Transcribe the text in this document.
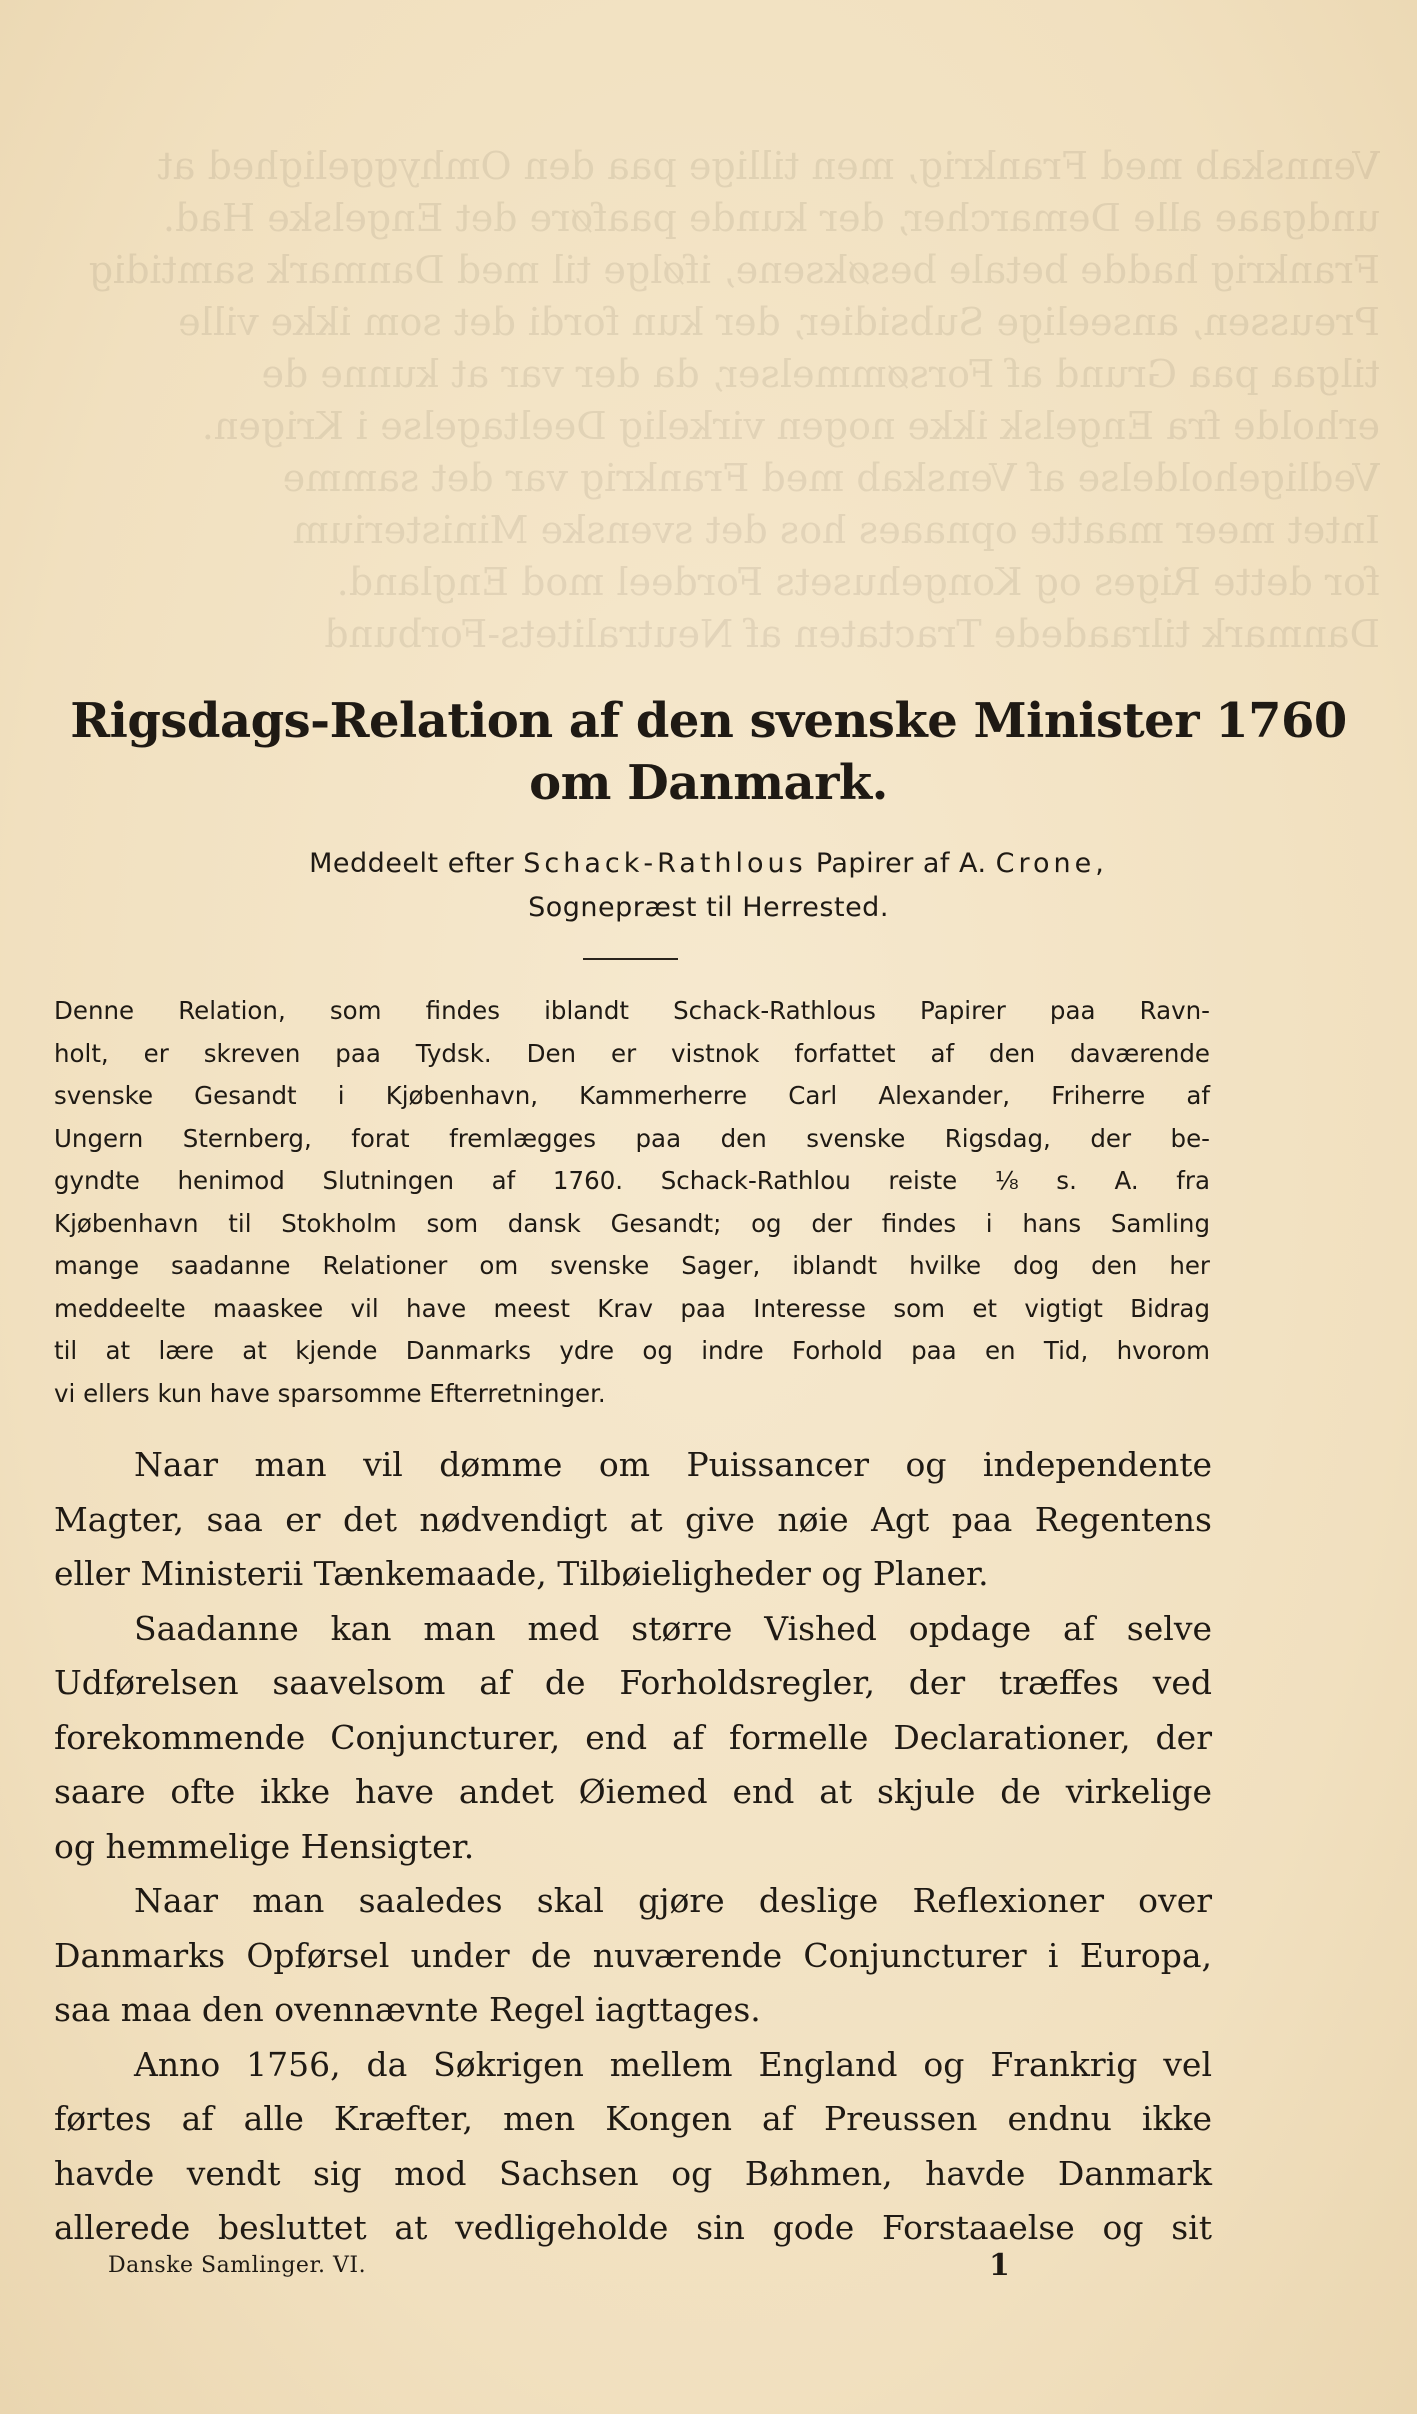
Vennskab med Frankrig, men tillige paa den Omhyggelighed at
undgaae alle Demarcher, der kunde paaføre det Engelske Had.
Frankrig hadde betale besøksene, ifølge til med Danmark samtidig
Preussen, anseelige Subsidier, der kun fordi det som ikke ville
tilgaa paa Grund af Forsømmelser, da der var at kunne de
erholde fra Engelsk ikke nogen virkelig Deeltagelse i Krigen.
Vedligeholdelse af Venskab med Frankrig var det samme
Intet meer maatte opnaaes hos det svenske Ministerium
for dette Riges og Kongehusets Fordeel mod England.
Danmark tilraadede Tractaten af Neutralitets-Forbund
Rigsdags-Relation af den svenske Minister 1760
om Danmark.
Meddeelt efter Schack-Rathlous Papirer af A. Crone,
Sognepræst til Herrested.
Denne Relation, som findes iblandt Schack-Rathlous Papirer paa Ravn-
holt, er skreven paa Tydsk. Den er vistnok forfattet af den daværende
svenske Gesandt i Kjøbenhavn, Kammerherre Carl Alexander, Friherre af
Ungern Sternberg, forat fremlægges paa den svenske Rigsdag, der be-
gyndte henimod Slutningen af 1760. Schack-Rathlou reiste ⅟₈ s. A. fra
Kjøbenhavn til Stokholm som dansk Gesandt; og der findes i hans Samling
mange saadanne Relationer om svenske Sager, iblandt hvilke dog den her
meddeelte maaskee vil have meest Krav paa Interesse som et vigtigt Bidrag
til at lære at kjende Danmarks ydre og indre Forhold paa en Tid, hvorom
vi ellers kun have sparsomme Efterretninger.
Naar man vil dømme om Puissancer og independente
Magter, saa er det nødvendigt at give nøie Agt paa Regentens
eller Ministerii Tænkemaade, Tilbøieligheder og Planer.
Saadanne kan man med større Vished opdage af selve
Udførelsen saavelsom af de Forholdsregler, der træffes ved
forekommende Conjuncturer, end af formelle Declarationer, der
saare ofte ikke have andet Øiemed end at skjule de virkelige
og hemmelige Hensigter.
Naar man saaledes skal gjøre deslige Reflexioner over
Danmarks Opførsel under de nuværende Conjuncturer i Europa,
saa maa den ovennævnte Regel iagttages.
Anno 1756, da Søkrigen mellem England og Frankrig vel
førtes af alle Kræfter, men Kongen af Preussen endnu ikke
havde vendt sig mod Sachsen og Bøhmen, havde Danmark
allerede besluttet at vedligeholde sin gode Forstaaelse og sit
Danske Samlinger. VI.	1
